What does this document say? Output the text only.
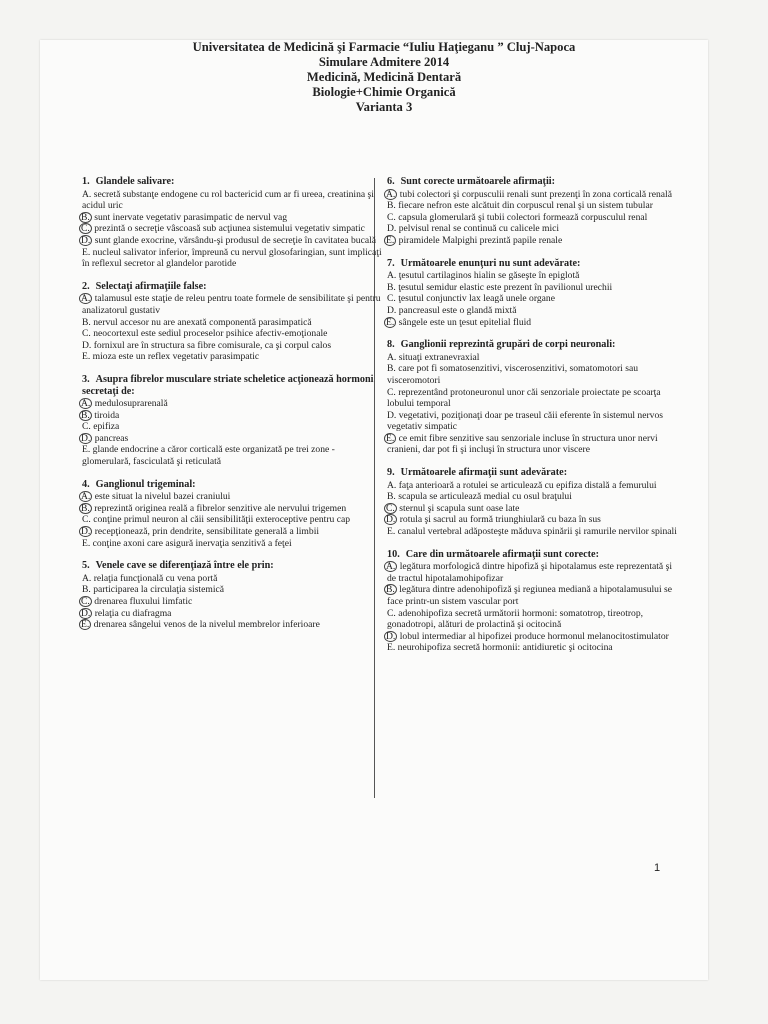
Universitatea de Medicină şi Farmacie “Iuliu Haţieganu ” Cluj-Napoca
Simulare Admitere 2014
Medicină, Medicină Dentară
Biologie+Chimie Organică
Varianta 3
1. Glandele salivare:
A. secretă substanţe endogene cu rol bactericid cum ar fi ureea, creatinina şi acidul uric
B. sunt inervate vegetativ parasimpatic de nervul vag
C. prezintă o secreţie vâscoasă sub acţiunea sistemului vegetativ simpatic
D. sunt glande exocrine, vărsându-şi produsul de secreţie în cavitatea bucală
E. nucleul salivator inferior, împreună cu nervul glosofaringian, sunt implicaţi în reflexul secretor al glandelor parotide
2. Selectaţi afirmaţiile false:
A. talamusul este staţie de releu pentru toate formele de sensibilitate şi pentru analizatorul gustativ
B. nervul accesor nu are anexată componentă parasimpatică
C. neocortexul este sediul proceselor psihice afectiv-emoţionale
D. fornixul are în structura sa fibre comisurale, ca şi corpul calos
E. mioza este un reflex vegetativ parasimpatic
3. Asupra fibrelor musculare striate scheletice acţionează hormoni secretaţi de:
A. medulosuprarenală
B. tiroida
C. epifiza
D. pancreas
E. glande endocrine a căror corticală este organizată pe trei zone - glomerulară, fasciculată şi reticulată
4. Ganglionul trigeminal:
A. este situat la nivelul bazei craniului
B. reprezintă originea reală a fibrelor senzitive ale nervului trigemen
C. conţine primul neuron al căii sensibilităţii exteroceptive pentru cap
D. recepţionează, prin dendrite, sensibilitate generală a limbii
E. conţine axoni care asigură inervaţia senzitivă a feţei
5. Venele cave se diferenţiază între ele prin:
A. relaţia funcţională cu vena portă
B. participarea la circulaţia sistemică
C. drenarea fluxului limfatic
D. relaţia cu diafragma
E. drenarea sângelui venos de la nivelul membrelor inferioare
6. Sunt corecte următoarele afirmaţii:
A. tubi colectori şi corpusculii renali sunt prezenţi în zona corticală renală
B. fiecare nefron este alcătuit din corpuscul renal şi un sistem tubular
C. capsula glomerulară şi tubii colectori formează corpusculul renal
D. pelvisul renal se continuă cu calicele mici
E. piramidele Malpighi prezintă papile renale
7. Următoarele enunţuri nu sunt adevărate:
A. ţesutul cartilaginos hialin se găseşte în epiglotă
B. ţesutul semidur elastic este prezent în pavilionul urechii
C. ţesutul conjunctiv lax leagă unele organe
D. pancreasul este o glandă mixtă
E. sângele este un ţesut epitelial fluid
8. Ganglionii reprezintă grupări de corpi neuronali:
A. situaţi extranevraxial
B. care pot fi somatosenzitivi, viscerosenzitivi, somatomotori sau visceromotori
C. reprezentând protoneuronul unor căi senzoriale proiectate pe scoarţa lobului temporal
D. vegetativi, poziţionaţi doar pe traseul căii eferente în sistemul nervos vegetativ simpatic
E. ce emit fibre senzitive sau senzoriale incluse în structura unor nervi cranieni, dar pot fi şi incluşi în structura unor viscere
9. Următoarele afirmaţii sunt adevărate:
A. faţa anterioară a rotulei se articulează cu epifiza distală a femurului
B. scapula se articulează medial cu osul braţului
C. sternul şi scapula sunt oase late
D. rotula şi sacrul au formă triunghiulară cu baza în sus
E. canalul vertebral adăposteşte măduva spinării şi ramurile nervilor spinali
10. Care din următoarele afirmaţii sunt corecte:
A. legătura morfologică dintre hipofiză şi hipotalamus este reprezentată şi de tractul hipotalamohipofizar
B. legătura dintre adenohipofiză şi regiunea mediană a hipotalamusului se face printr-un sistem vascular port
C. adenohipofiza secretă următorii hormoni: somatotrop, tireotrop, gonadotropi, alături de prolactină şi ocitocină
D. lobul intermediar al hipofizei produce hormonul melanocitostimulator
E. neurohipofiza secretă hormonii: antidiuretic şi ocitocina
1
